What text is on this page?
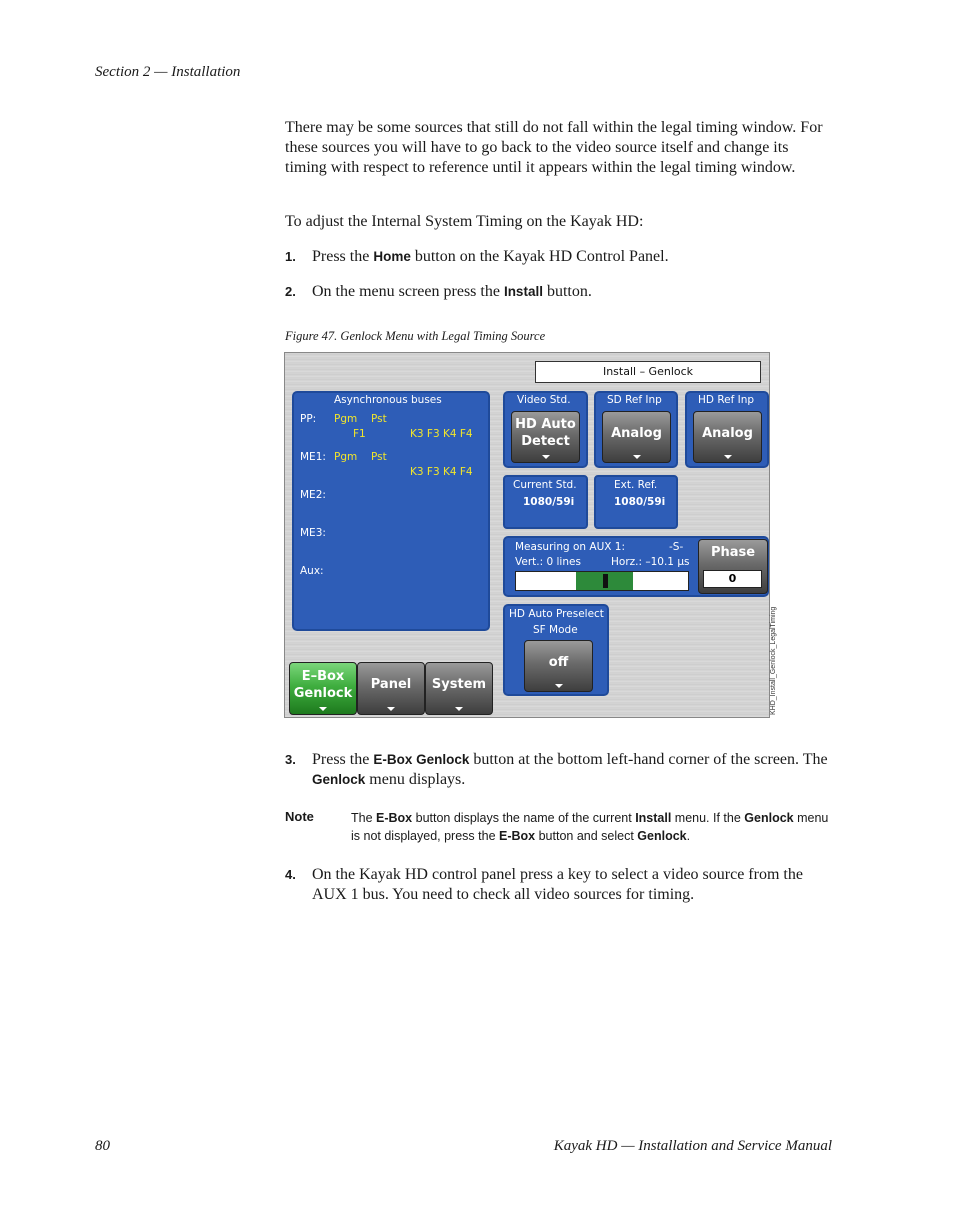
Section 2 — Installation
There may be some sources that still do not fall within the legal timing window. For these sources you will have to go back to the video source itself and change its timing with respect to reference until it appears within the legal timing window.
To adjust the Internal System Timing on the Kayak HD:
1. Press the Home button on the Kayak HD Control Panel.
2. On the menu screen press the Install button.
Figure 47. Genlock Menu with Legal Timing Source
Install – Genlock
Asynchronous buses
PP: Pgm Pst
F1	K3 F3 K4 F4
ME1: Pgm Pst
K3 F3 K4 F4
ME2:
ME3:
Aux:
Video Std.
HD Auto Detect
SD Ref Inp
Analog
HD Ref Inp
Analog
Current Std.
1080/59i
Ext. Ref.
1080/59i
Measuring on AUX 1:	-S-
Vert.: 0 lines	Horz.: –10.1 µs
Phase
0
HD Auto Preselect
SF Mode
off
E–Box
Genlock
Panel	System	KHD_Install_Genlock_LegalTiming
3. Press the E-Box Genlock button at the bottom left-hand corner of the screen. The Genlock menu displays.
Note	The E-Box button displays the name of the current Install menu. If the Genlock menu is not displayed, press the E-Box button and select Genlock.
4. On the Kayak HD control panel press a key to select a video source from the AUX 1 bus. You need to check all video sources for timing.
80	Kayak HD — Installation and Service Manual
